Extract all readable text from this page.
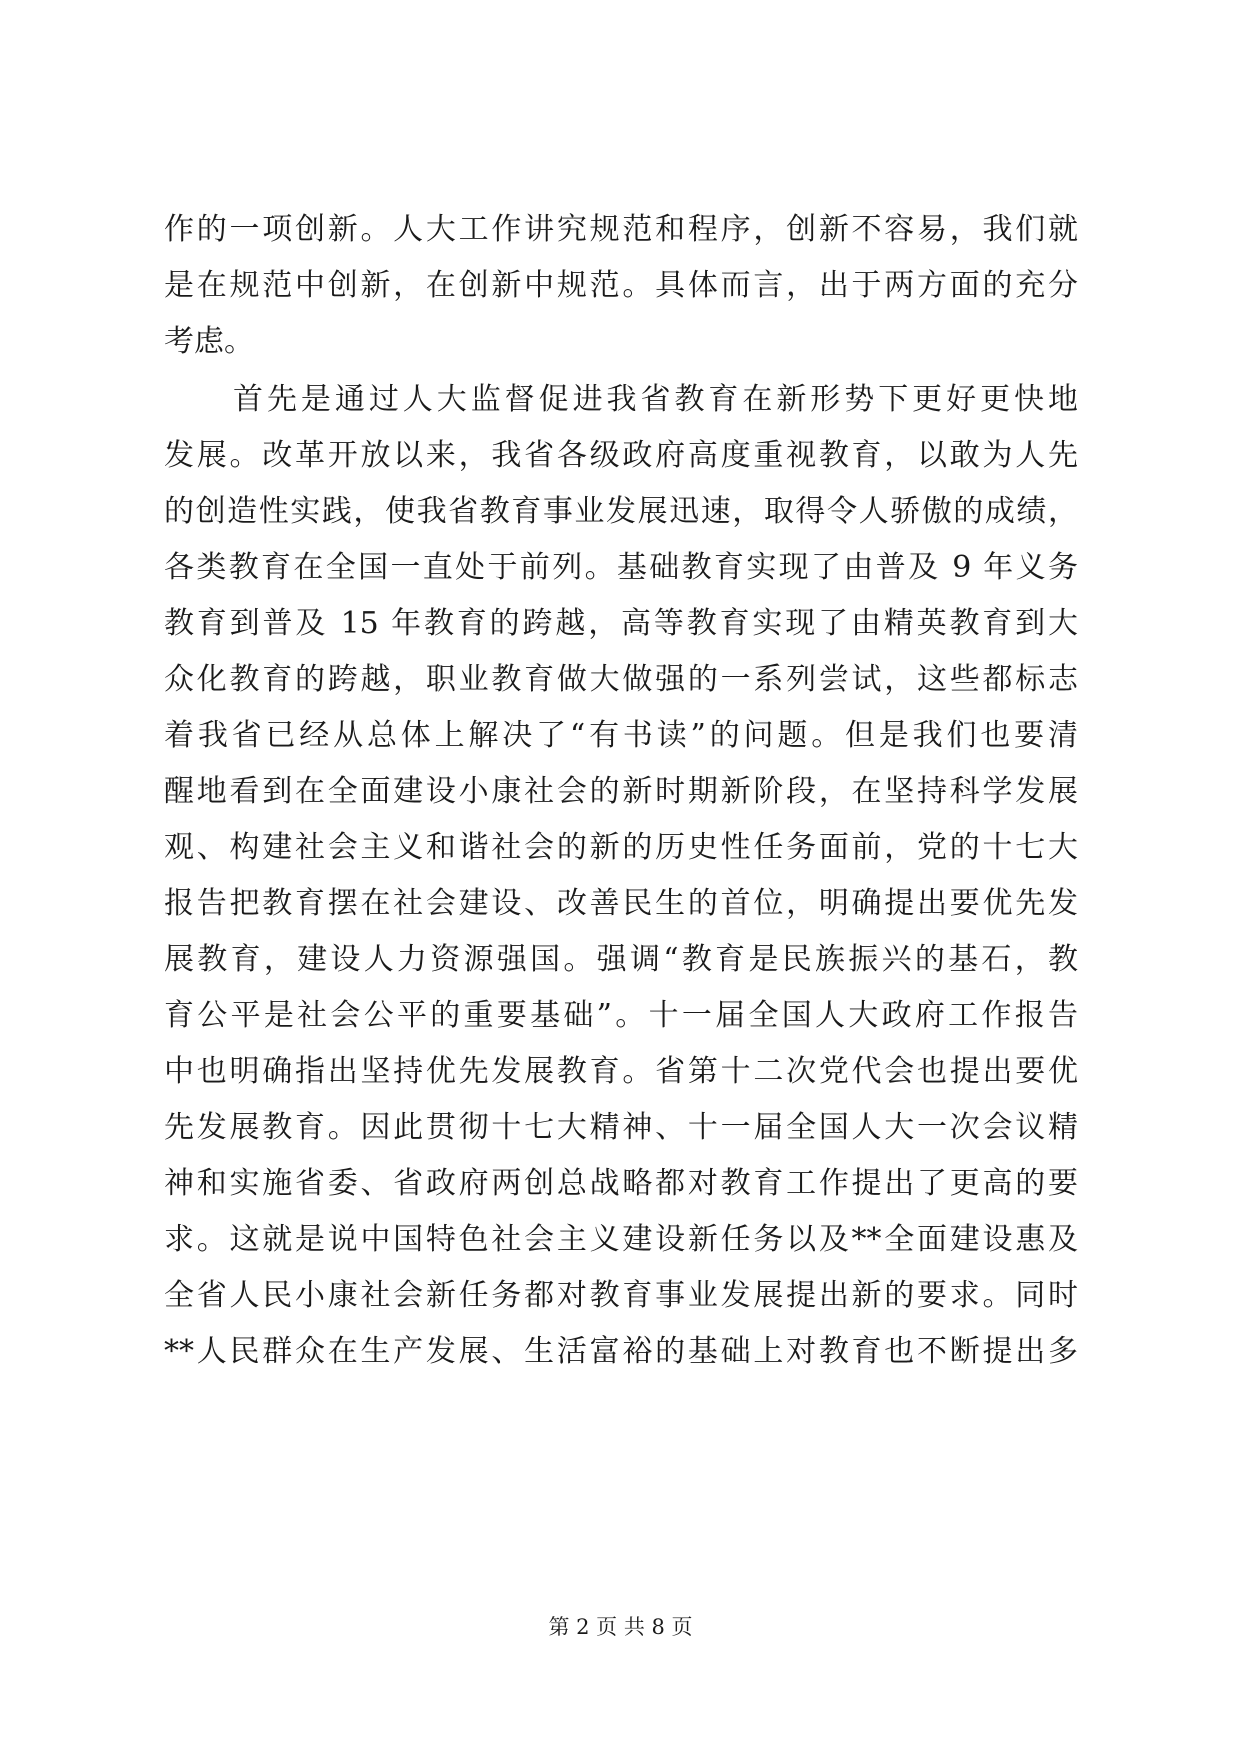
作的一项创新。人大工作讲究规范和程序，创新不容易，我们就
是在规范中创新，在创新中规范。具体而言，出于两方面的充分
考虑。
首先是通过人大监督促进我省教育在新形势下更好更快地
发展。改革开放以来，我省各级政府高度重视教育，以敢为人先
的创造性实践，使我省教育事业发展迅速，取得令人骄傲的成绩，
各类教育在全国一直处于前列。基础教育实现了由普及 9 年义务
教育到普及 15 年教育的跨越，高等教育实现了由精英教育到大
众化教育的跨越，职业教育做大做强的一系列尝试，这些都标志
着我省已经从总体上解决了“有书读”的问题。但是我们也要清
醒地看到在全面建设小康社会的新时期新阶段，在坚持科学发展
观、构建社会主义和谐社会的新的历史性任务面前，党的十七大
报告把教育摆在社会建设、改善民生的首位，明确提出要优先发
展教育，建设人力资源强国。强调“教育是民族振兴的基石，教
育公平是社会公平的重要基础”。十一届全国人大政府工作报告
中也明确指出坚持优先发展教育。省第十二次党代会也提出要优
先发展教育。因此贯彻十七大精神、十一届全国人大一次会议精
神和实施省委、省政府两创总战略都对教育工作提出了更高的要
求。这就是说中国特色社会主义建设新任务以及**全面建设惠及
全省人民小康社会新任务都对教育事业发展提出新的要求。同时
**人民群众在生产发展、生活富裕的基础上对教育也不断提出多
第 2 页 共 8 页
